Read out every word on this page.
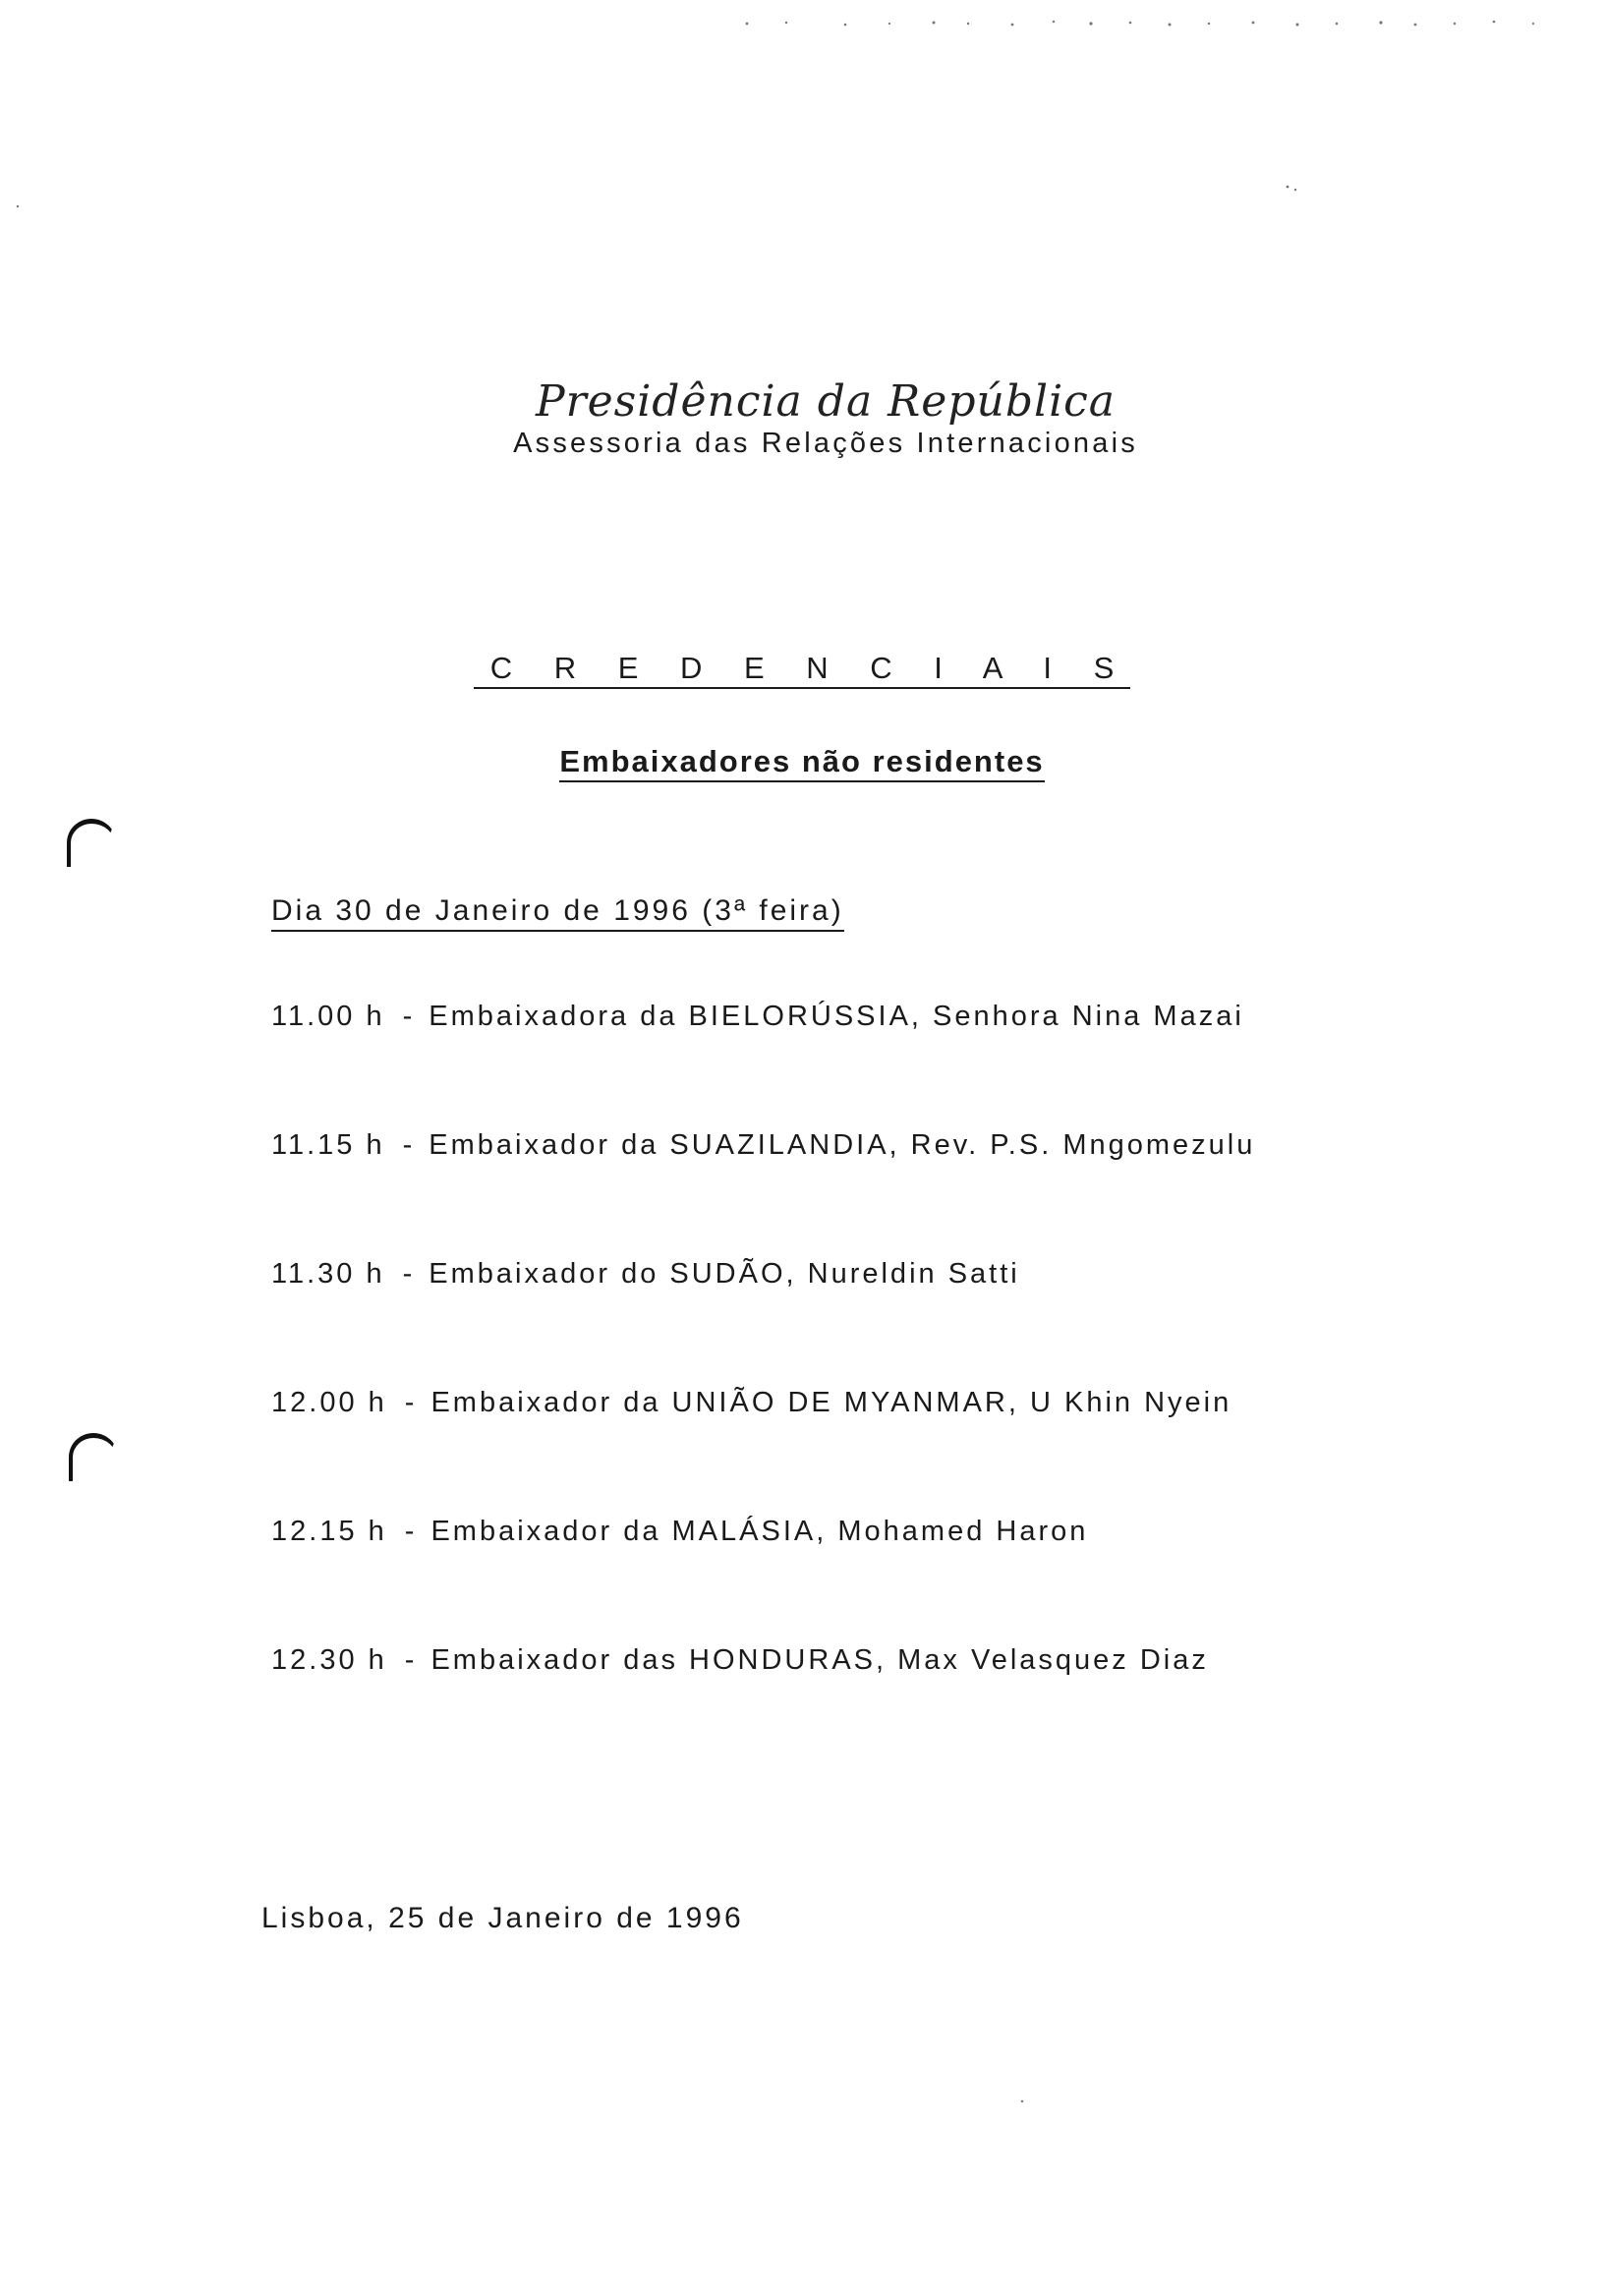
Presidência da República
Assessoria das Relações Internacionais
C R E D E N C I A I S
Embaixadores não residentes
Dia 30 de Janeiro de 1996 (3ª feira)
11.00 h - Embaixadora da BIELORÚSSIA, Senhora Nina Mazai
11.15 h - Embaixador da SUAZILANDIA, Rev. P.S. Mngomezulu
11.30 h - Embaixador do SUDÃO, Nureldin Satti
12.00 h - Embaixador da UNIÃO DE MYANMAR, U Khin Nyein
12.15 h - Embaixador da MALÁSIA, Mohamed Haron
12.30 h - Embaixador das HONDURAS, Max Velasquez Diaz
Lisboa, 25 de Janeiro de 1996
